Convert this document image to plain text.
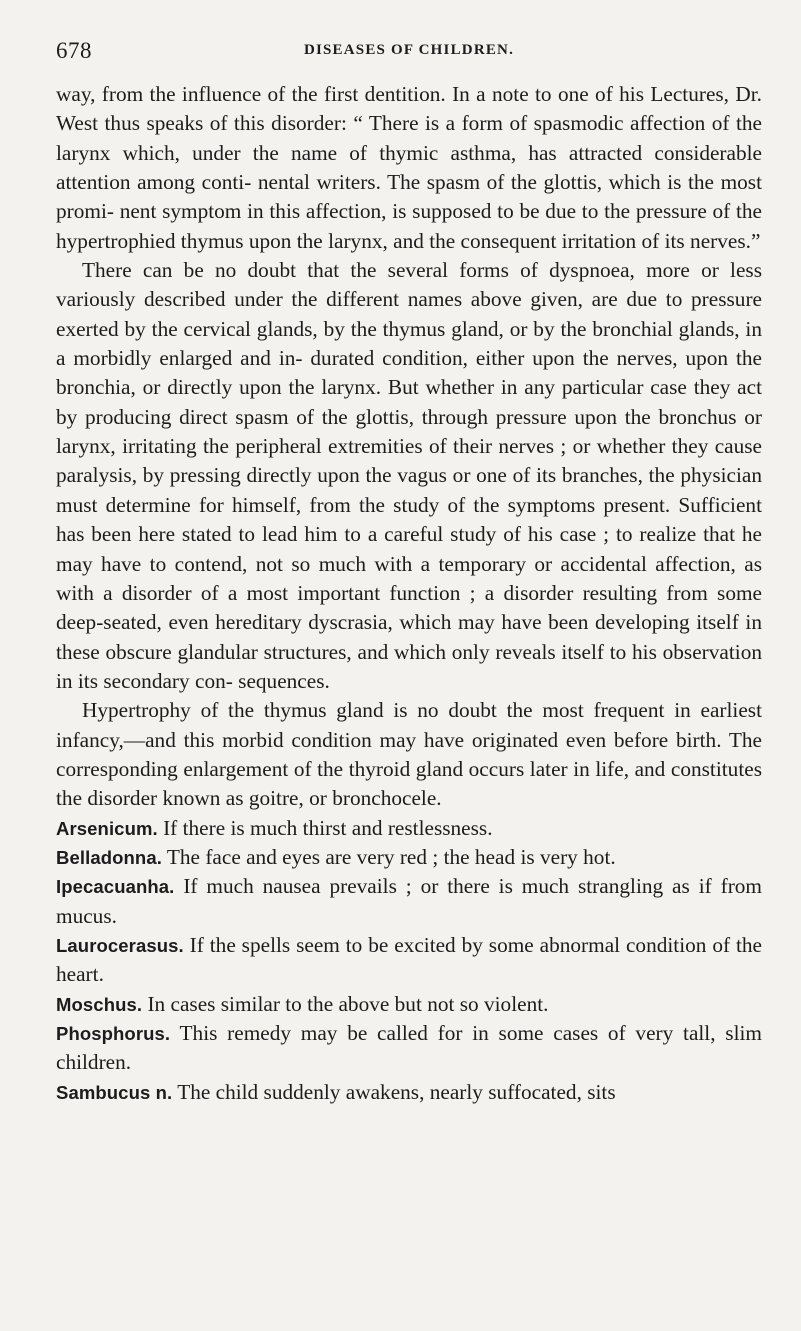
678	DISEASES OF CHILDREN.

way, from the influence of the first dentition. In a note to one of his Lectures, Dr. West thus speaks of this disorder: “ There is a form of spasmodic affection of the larynx which, under the name of thymic asthma, has attracted considerable attention among conti- nental writers. The spasm of the glottis, which is the most promi- nent symptom in this affection, is supposed to be due to the pressure of the hypertrophied thymus upon the larynx, and the consequent irritation of its nerves.”

There can be no doubt that the several forms of dyspnoea, more or less variously described under the different names above given, are due to pressure exerted by the cervical glands, by the thymus gland, or by the bronchial glands, in a morbidly enlarged and in- durated condition, either upon the nerves, upon the bronchia, or directly upon the larynx. But whether in any particular case they act by producing direct spasm of the glottis, through pressure upon the bronchus or larynx, irritating the peripheral extremities of their nerves ; or whether they cause paralysis, by pressing directly upon the vagus or one of its branches, the physician must determine for himself, from the study of the symptoms present. Sufficient has been here stated to lead him to a careful study of his case ; to realize that he may have to contend, not so much with a temporary or accidental affection, as with a disorder of a most important function ; a disorder resulting from some deep-seated, even hereditary dyscrasia, which may have been developing itself in these obscure glandular structures, and which only reveals itself to his observation in its secondary con- sequences.

Hypertrophy of the thymus gland is no doubt the most frequent in earliest infancy,—and this morbid condition may have originated even before birth. The corresponding enlargement of the thyroid gland occurs later in life, and constitutes the disorder known as goitre, or bronchocele.

Arsenicum. If there is much thirst and restlessness.

Belladonna. The face and eyes are very red ; the head is very hot.

Ipecacuanha. If much nausea prevails ; or there is much strangling as if from mucus.

Laurocerasus. If the spells seem to be excited by some abnormal condition of the heart.

Moschus. In cases similar to the above but not so violent.

Phosphorus. This remedy may be called for in some cases of very tall, slim children.

Sambucus n. The child suddenly awakens, nearly suffocated, sits
